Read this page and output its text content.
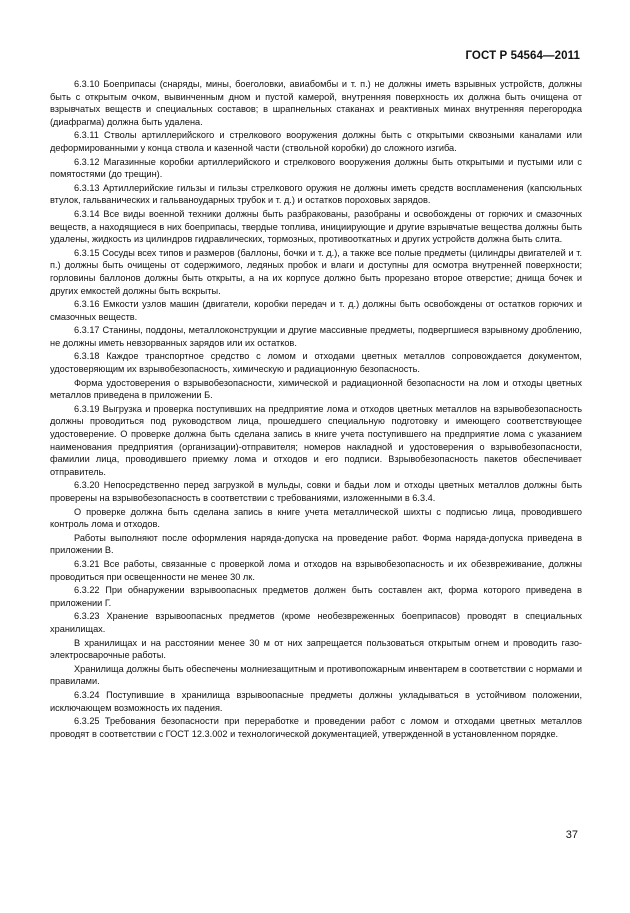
ГОСТ Р 54564—2011

6.3.10 Боеприпасы (снаряды, мины, боеголовки, авиабомбы и т. п.) не должны иметь взрывных устройств, должны быть с открытым очком, вывинченным дном и пустой камерой, внутренняя поверхность их должна быть очищена от взрывчатых веществ и специальных составов; в шрапнельных стаканах и реактивных минах внутренняя перегородка (диафрагма) должна быть удалена.

6.3.11 Стволы артиллерийского и стрелкового вооружения должны быть с открытыми сквозными каналами или деформированными у конца ствола и казенной части (ствольной коробки) до сложного изгиба.

6.3.12 Магазинные коробки артиллерийского и стрелкового вооружения должны быть открытыми и пустыми или с помятостями (до трещин).

6.3.13 Артиллерийские гильзы и гильзы стрелкового оружия не должны иметь средств воспламенения (капсюльных втулок, гальванических и гальваноударных трубок и т. д.) и остатков пороховых зарядов.

6.3.14 Все виды военной техники должны быть разбракованы, разобраны и освобождены от горючих и смазочных веществ, а находящиеся в них боеприпасы, твердые топлива, инициирующие и другие взрывчатые вещества должны быть удалены, жидкость из цилиндров гидравлических, тормозных, противооткатных и других устройств должна быть слита.

6.3.15 Сосуды всех типов и размеров (баллоны, бочки и т. д.), а также все полые предметы (цилиндры двигателей и т. п.) должны быть очищены от содержимого, ледяных пробок и влаги и доступны для осмотра внутренней поверхности; горловины баллонов должны быть открыты, а на их корпусе должно быть прорезано второе отверстие; днища бочек и других емкостей должны быть вскрыты.

6.3.16 Емкости узлов машин (двигатели, коробки передач и т. д.) должны быть освобождены от остатков горючих и смазочных веществ.

6.3.17 Станины, поддоны, металлоконструкции и другие массивные предметы, подвергшиеся взрывному дроблению, не должны иметь невзорванных зарядов или их остатков.

6.3.18 Каждое транспортное средство с ломом и отходами цветных металлов сопровождается документом, удостоверяющим их взрывобезопасность, химическую и радиационную безопасность.

Форма удостоверения о взрывобезопасности, химической и радиационной безопасности на лом и отходы цветных металлов приведена в приложении Б.

6.3.19 Выгрузка и проверка поступивших на предприятие лома и отходов цветных металлов на взрывобезопасность должны проводиться под руководством лица, прошедшего специальную подготовку и имеющего соответствующее удостоверение. О проверке должна быть сделана запись в книге учета поступившего на предприятие лома с указанием наименования предприятия (организации)-отправителя; номеров накладной и удостоверения о взрывобезопасности, фамилии лица, проводившего приемку лома и отходов и его подписи. Взрывобезопасность пакетов обеспечивает отправитель.

6.3.20 Непосредственно перед загрузкой в мульды, совки и бадьи лом и отходы цветных металлов должны быть проверены на взрывобезопасность в соответствии с требованиями, изложенными в 6.3.4.

О проверке должна быть сделана запись в книге учета металлической шихты с подписью лица, проводившего контроль лома и отходов.

Работы выполняют после оформления наряда-допуска на проведение работ. Форма наряда-допуска приведена в приложении В.

6.3.21 Все работы, связанные с проверкой лома и отходов на взрывобезопасность и их обезвреживание, должны проводиться при освещенности не менее 30 лк.

6.3.22 При обнаружении взрывоопасных предметов должен быть составлен акт, форма которого приведена в приложении Г.

6.3.23 Хранение взрывоопасных предметов (кроме необезвреженных боеприпасов) проводят в специальных хранилищах.

В хранилищах и на расстоянии менее 30 м от них запрещается пользоваться открытым огнем и проводить газо-электросварочные работы.

Хранилища должны быть обеспечены молниезащитным и противопожарным инвентарем в соответствии с нормами и правилами.

6.3.24 Поступившие в хранилища взрывоопасные предметы должны укладываться в устойчивом положении, исключающем возможность их падения.

6.3.25 Требования безопасности при переработке и проведении работ с ломом и отходами цветных металлов проводят в соответствии с ГОСТ 12.3.002 и технологической документацией, утвержденной в установленном порядке.

37
